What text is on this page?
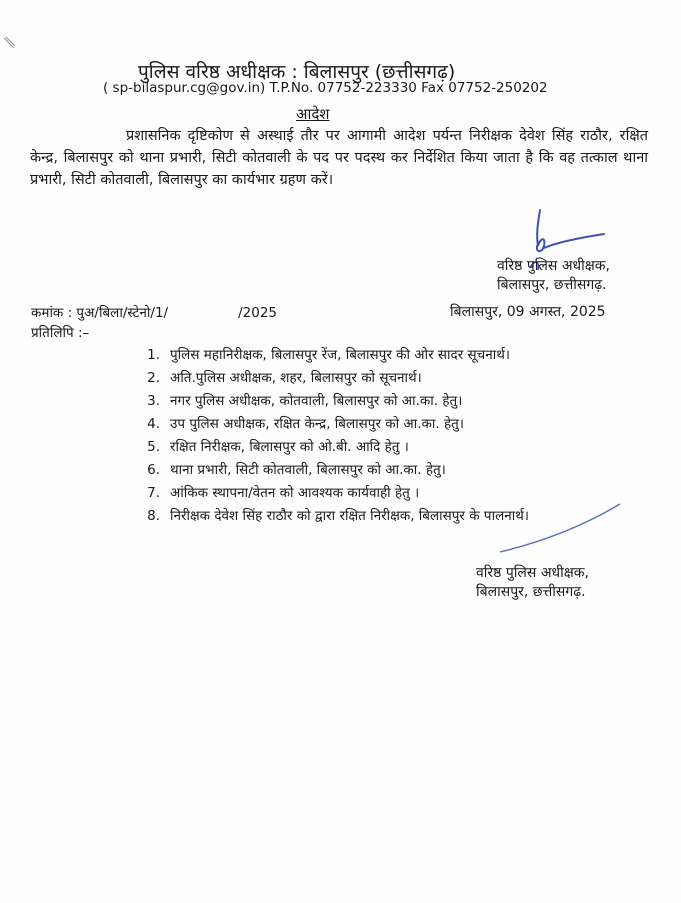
पुलिस वरिष्ठ अधीक्षक : बिलासपुर (छत्तीसगढ़)
( sp-bilaspur.cg@gov.in) T.P.No. 07752-223330 Fax 07752-250202
आदेश
प्रशासनिक दृष्टिकोण से अस्थाई तौर पर आगामी आदेश पर्यन्त निरीक्षक देवेश सिंह राठौर, रक्षित केन्द्र, बिलासपुर को थाना प्रभारी, सिटी कोतवाली के पद पर पदस्थ कर निर्देशित किया जाता है कि वह तत्काल थाना प्रभारी, सिटी कोतवाली, बिलासपुर का कार्यभार ग्रहण करें।
वरिष्ठ पुलिस अधीक्षक,
बिलासपुर, छत्तीसगढ़.
कमांक : पुअ/बिला/स्टेनो/1/	/2025	बिलासपुर, 09 अगस्त, 2025
प्रतिलिपि :–
1. पुलिस महानिरीक्षक, बिलासपुर रेंज, बिलासपुर की ओर सादर सूचनार्थ।
2. अति.पुलिस अधीक्षक, शहर, बिलासपुर को सूचनार्थ।
3. नगर पुलिस अधीक्षक, कोतवाली, बिलासपुर को आ.का. हेतु।
4. उप पुलिस अधीक्षक, रक्षित केन्द्र, बिलासपुर को आ.का. हेतु।
5. रक्षित निरीक्षक, बिलासपुर को ओ.बी. आदि हेतु ।
6. थाना प्रभारी, सिटी कोतवाली, बिलासपुर को आ.का. हेतु।
7. आंकिक स्थापना/वेतन को आवश्यक कार्यवाही हेतु ।
8. निरीक्षक देवेश सिंह राठौर को द्वारा रक्षित निरीक्षक, बिलासपुर के पालनार्थ।
वरिष्ठ पुलिस अधीक्षक,
बिलासपुर, छत्तीसगढ़.
